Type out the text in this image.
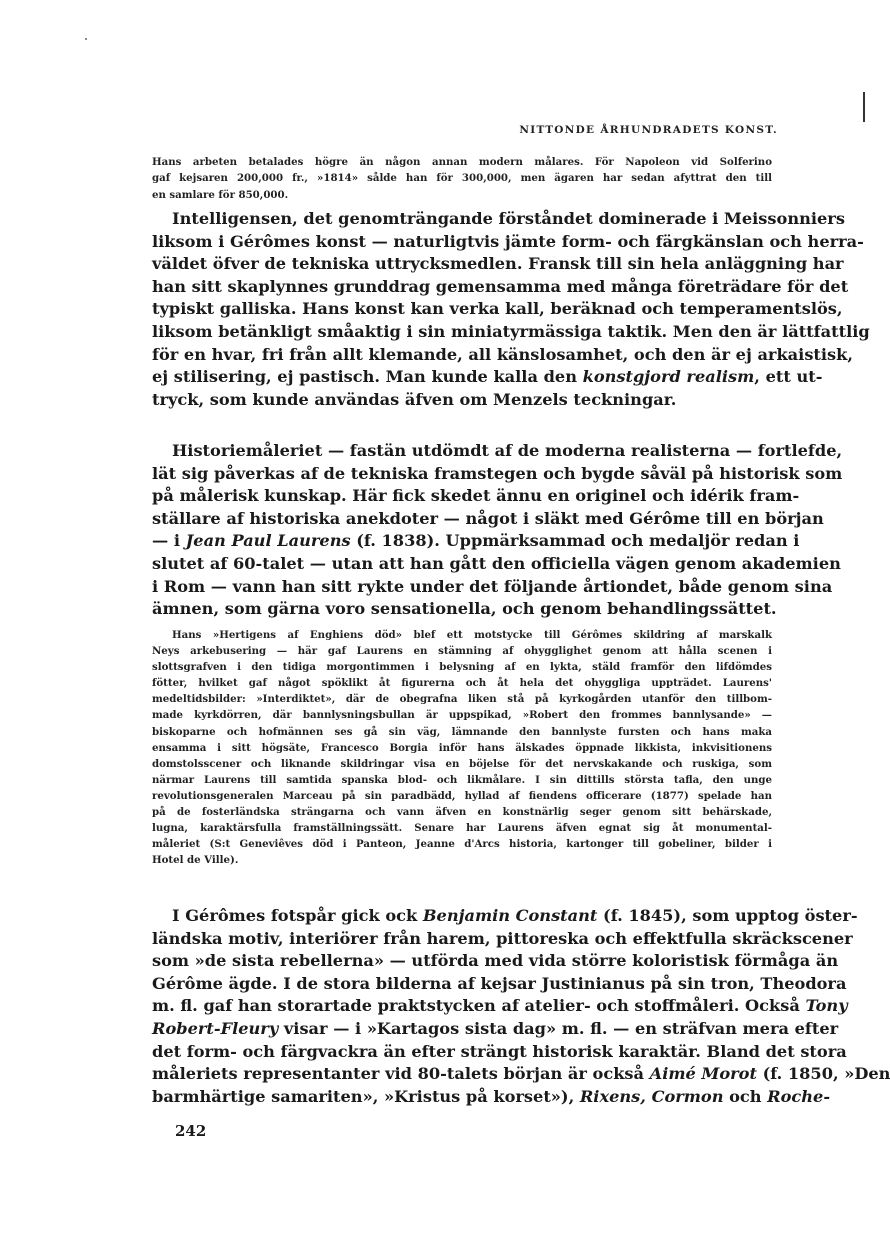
NITTONDE ÅRHUNDRADETS KONST.
Hans arbeten betalades högre än någon annan modern målares. För Napoleon vid Solferino
gaf kejsaren 200,000 fr., »1814» sålde han för 300,000, men ägaren har sedan afyttrat den till
en samlare för 850,000.
Intelligensen, det genomträngande förståndet dominerade i Meissonniers
liksom i Gérômes konst — naturligtvis jämte form- och färgkänslan och herra-
väldet öfver de tekniska uttrycksmedlen. Fransk till sin hela anläggning har
han sitt skaplynnes grunddrag gemensamma med många företrädare för det
typiskt galliska. Hans konst kan verka kall, beräknad och temperamentslös,
liksom betänkligt småaktig i sin miniatyrmässiga taktik. Men den är lättfattlig
för en hvar, fri från allt klemande, all känslosamhet, och den är ej arkaistisk,
ej stilisering, ej pastisch. Man kunde kalla den konstgjord realism, ett ut-
tryck, som kunde användas äfven om Menzels teckningar.
Historiemåleriet — fastän utdömdt af de moderna realisterna — fortlefde,
lät sig påverkas af de tekniska framstegen och bygde såväl på historisk som
på målerisk kunskap. Här fick skedet ännu en originel och idérik fram-
ställare af historiska anekdoter — något i släkt med Gérôme till en början
— i Jean Paul Laurens (f. 1838). Uppmärksammad och medaljör redan i
slutet af 60-talet — utan att han gått den officiella vägen genom akademien
i Rom — vann han sitt rykte under det följande årtiondet, både genom sina
ämnen, som gärna voro sensationella, och genom behandlingssättet.
Hans »Hertigens af Enghiens död» blef ett motstycke till Gérômes skildring af marskalk
Neys arkebusering — här gaf Laurens en stämning af ohygglighet genom att hålla scenen i
slottsgrafven i den tidiga morgontimmen i belysning af en lykta, stäld framför den lifdömdes
fötter, hvilket gaf något spöklikt åt figurerna och åt hela det ohyggliga uppträdet. Laurens'
medeltidsbilder: »Interdiktet», där de obegrafna liken stå på kyrkogården utanför den tillbom-
made kyrkdörren, där bannlysningsbullan är uppspikad, »Robert den frommes bannlysande» —
biskoparne och hofmännen ses gå sin väg, lämnande den bannlyste fursten och hans maka
ensamma i sitt högsäte, Francesco Borgia inför hans älskades öppnade likkista, inkvisitionens
domstolsscener och liknande skildringar visa en böjelse för det nervskakande och ruskiga, som
närmar Laurens till samtida spanska blod- och likmålare. I sin dittills största tafla, den unge
revolutionsgeneralen Marceau på sin paradbädd, hyllad af fiendens officerare (1877) spelade han
på de fosterländska strängarna och vann äfven en konstnärlig seger genom sitt behärskade,
lugna, karaktärsfulla framställningssätt. Senare har Laurens äfven egnat sig åt monumental-
måleriet (S:t Geneviêves död i Panteon, Jeanne d'Arcs historia, kartonger till gobeliner, bilder i
Hotel de Ville).
I Gérômes fotspår gick ock Benjamin Constant (f. 1845), som upptog öster-
ländska motiv, interiörer från harem, pittoreska och effektfulla skräckscener
som »de sista rebellerna» — utförda med vida större koloristisk förmåga än
Gérôme ägde. I de stora bilderna af kejsar Justinianus på sin tron, Theodora
m. fl. gaf han storartade praktstycken af atelier- och stoffmåleri. Också Tony
Robert-Fleury visar — i »Kartagos sista dag» m. fl. — en sträfvan mera efter
det form- och färgvackra än efter strängt historisk karaktär. Bland det stora
måleriets representanter vid 80-talets början är också Aimé Morot (f. 1850, »Den
barmhärtige samariten», »Kristus på korset»), Rixens, Cormon och Roche-
242
